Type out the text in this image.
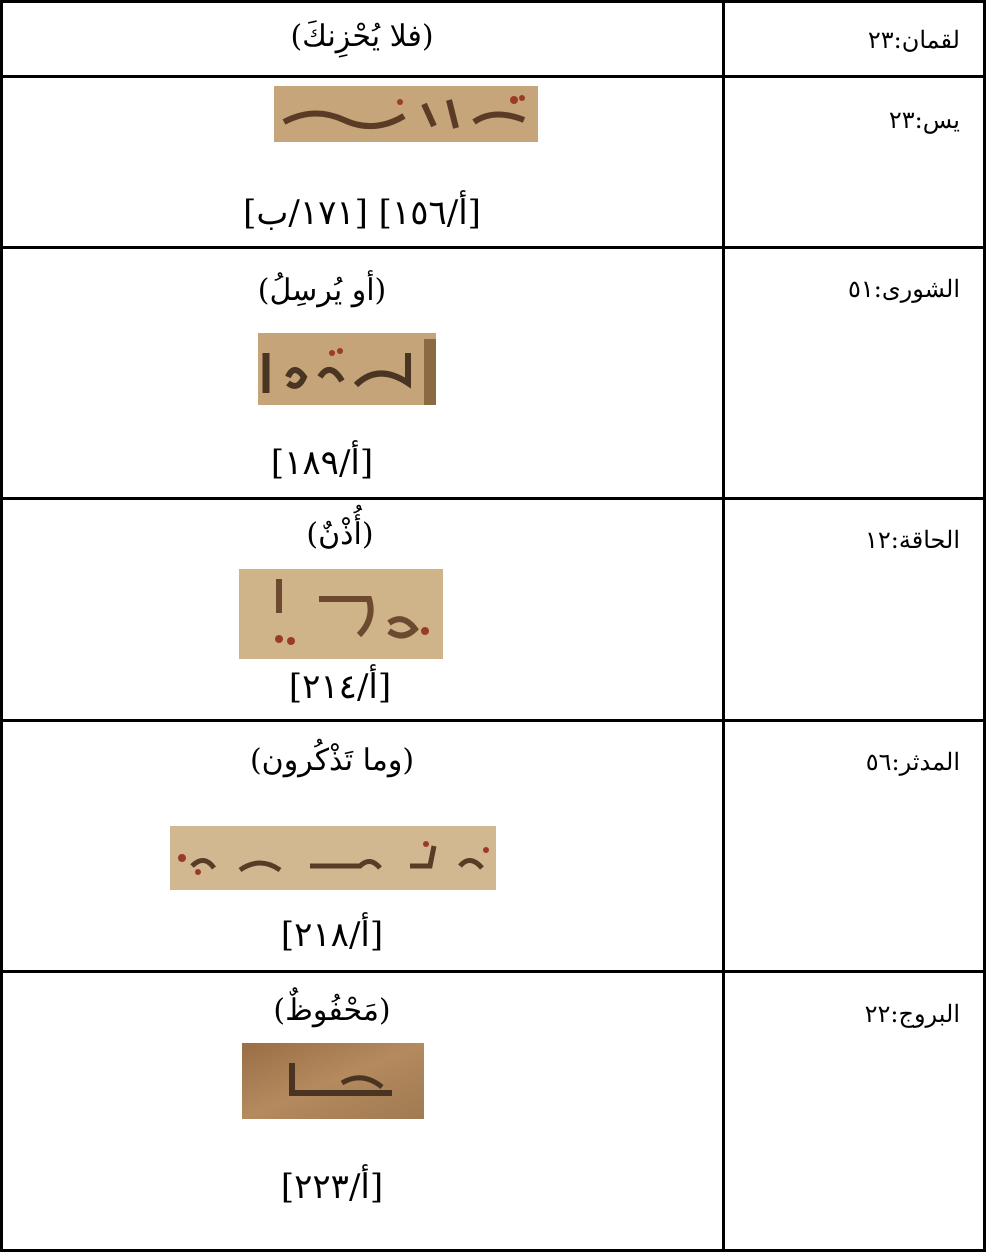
لقمان:٢٣
(فلا يُحْزِنكَ)
يس:٢٣
[أ/١٥٦] [١٧١/ب]
الشورى:٥١
(أو يُرسِلُ)
[أ/١٨٩]
الحاقة:١٢
(أُذْنٌ)
[أ/٢١٤]
المدثر:٥٦
(وما تَذْكُرون)
[أ/٢١٨]
البروج:٢٢
(مَحْفُوظٌ)
[أ/٢٢٣]
